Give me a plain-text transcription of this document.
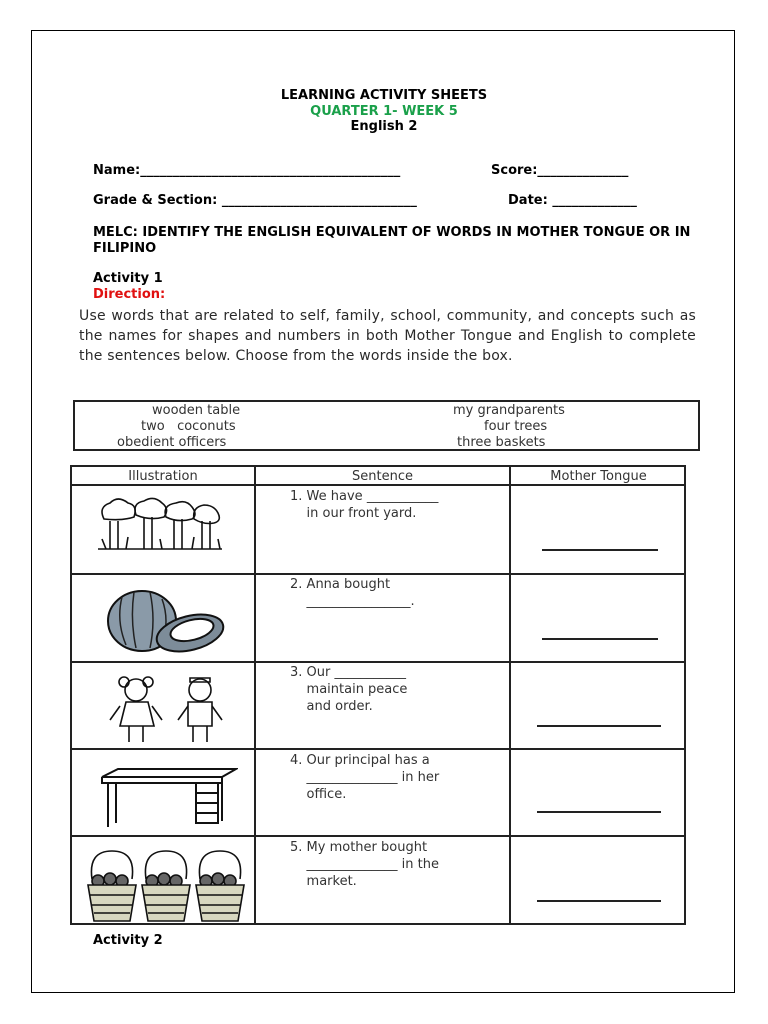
LEARNING ACTIVITY SHEETS
QUARTER 1- WEEK 5
English 2
Name:________________________________________	Score:______________
Grade & Section: ______________________________	Date: _____________
MELC: IDENTIFY THE ENGLISH EQUIVALENT OF WORDS IN MOTHER TONGUE OR IN FILIPINO
Activity 1
Direction:
Use words that are related to self, family, school, community, and concepts such as the names for shapes and numbers in both Mother Tongue and English to complete the sentences below. Choose from the words inside the box.
wooden table
two   coconuts
obedient officers
my grandparents
four trees
three baskets
Illustration	Sentence	Mother Tongue
1. We have ___________
in our front yard.
2. Anna bought
________________.
3. Our ___________
maintain peace
and order.
4. Our principal has a
______________ in her
office.
5. My mother bought
______________ in the
market.
Activity 2
